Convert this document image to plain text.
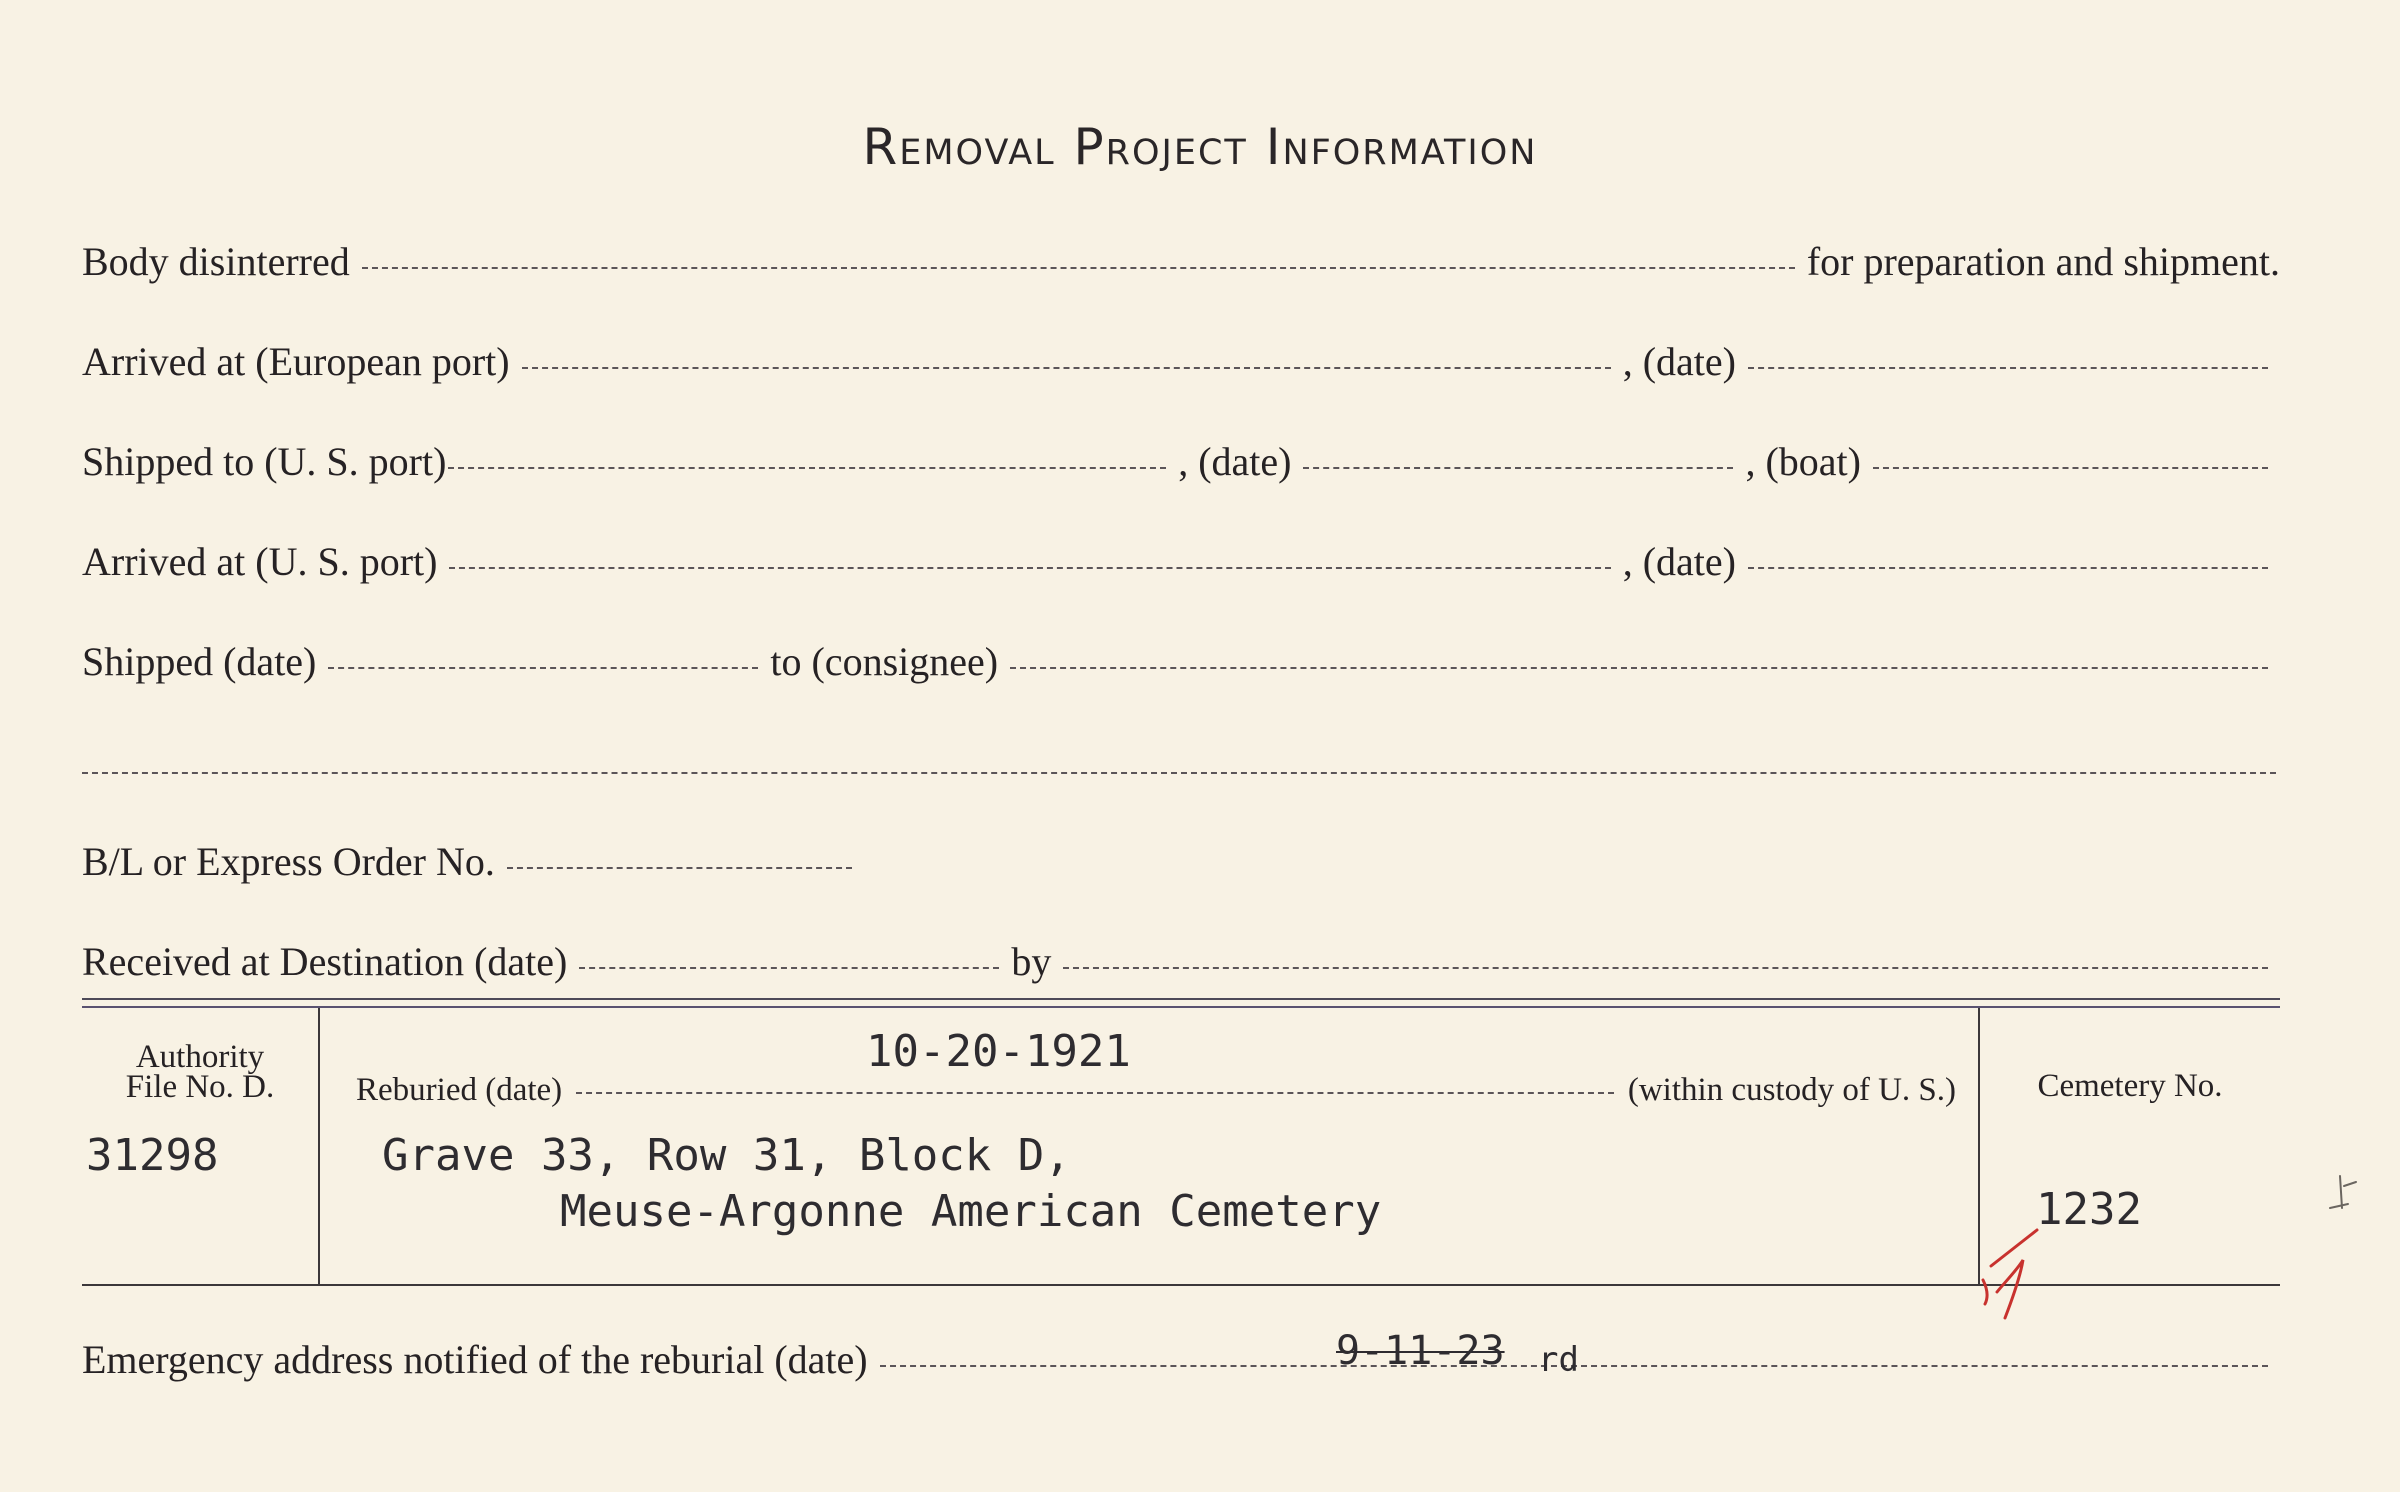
Removal Project Information
Body disinterred	for preparation and shipment.
Arrived at (European port)	, (date)
Shipped to (U. S. port)	, (date)	, (boat)
Arrived at (U. S. port)	, (date)
Shipped (date)	to (consignee)
B/L or Express Order No.
Received at Destination (date)	by
Authority
File No. D.
31298
10-20-1921
Reburied (date)	(within custody of U. S.)
Grave 33, Row 31, Block D,
Meuse-Argonne American Cemetery
Cemetery No.
1232
Emergency address notified of the reburial (date)	9-11-23 rd
